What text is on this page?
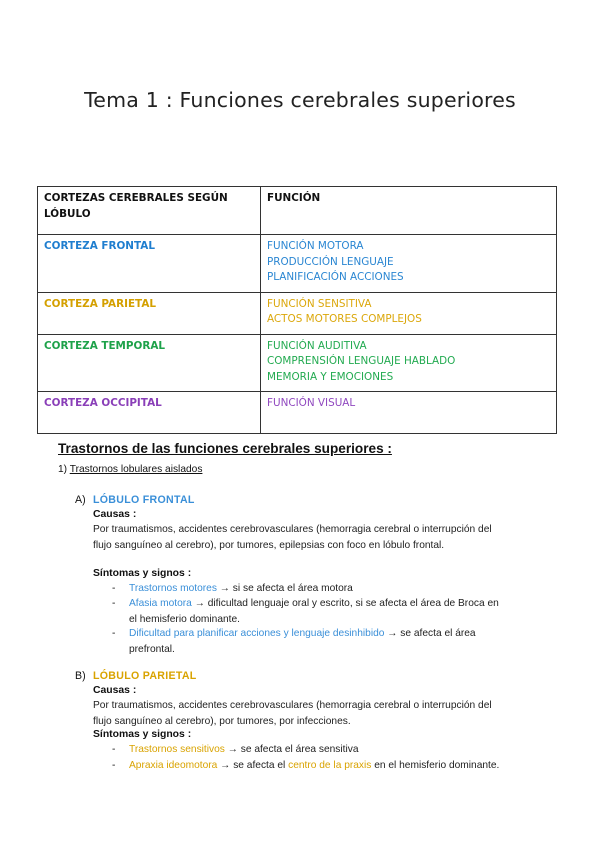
Tema 1 : Funciones cerebrales superiores
CORTEZAS CEREBRALES SEGÚN LÓBULO	FUNCIÓN
CORTEZA FRONTAL	FUNCIÓN MOTORA
PRODUCCIÓN LENGUAJE
PLANIFICACIÓN ACCIONES

CORTEZA PARIETAL	FUNCIÓN SENSITIVA
ACTOS MOTORES COMPLEJOS

CORTEZA TEMPORAL	FUNCIÓN AUDITIVA
COMPRENSIÓN LENGUAJE HABLADO
MEMORIA Y EMOCIONES

CORTEZA OCCIPITAL	FUNCIÓN VISUAL
Trastornos de las funciones cerebrales superiores :
1) Trastornos lobulares aislados
A) LÓBULO FRONTAL
Causas :
Por traumatismos, accidentes cerebrovasculares (hemorragia cerebral o interrupción del
flujo sanguíneo al cerebro), por tumores, epilepsias con foco en lóbulo frontal.
Síntomas y signos :
- Trastornos motores → si se afecta el área motora
- Afasia motora → dificultad lenguaje oral y escrito, si se afecta el área de Broca en
el hemisferio dominante.
- Dificultad para planificar acciones y lenguaje desinhibido → se afecta el área
prefrontal.
B) LÓBULO PARIETAL
Causas :
Por traumatismos, accidentes cerebrovasculares (hemorragia cerebral o interrupción del
flujo sanguíneo al cerebro), por tumores, por infecciones.
Síntomas y signos :
- Trastornos sensitivos → se afecta el área sensitiva
- Apraxia ideomotora → se afecta el centro de la praxis en el hemisferio dominante.
